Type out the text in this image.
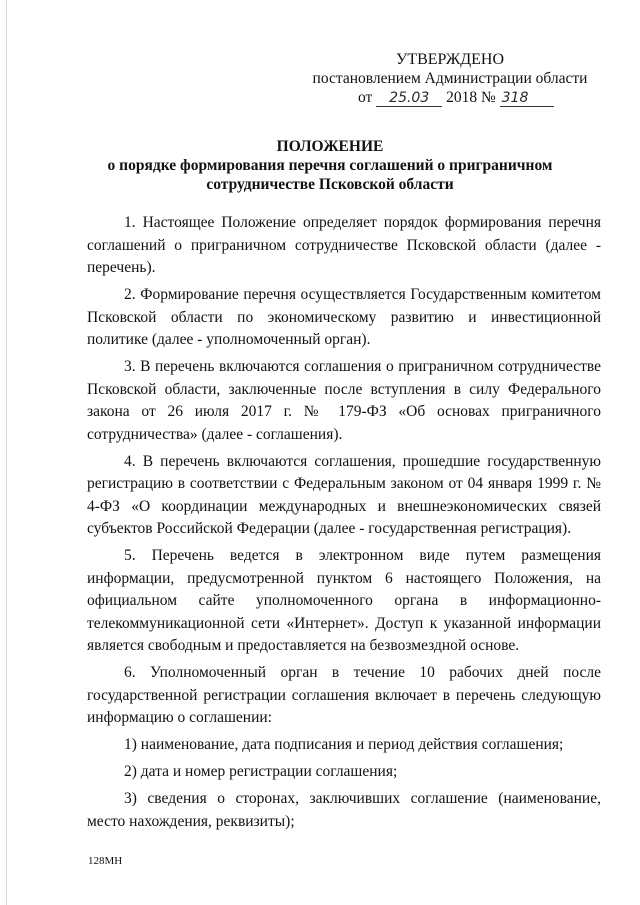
УТВЕРЖДЕНО
постановлением Администрации области
от 25.03 2018 № 318
ПОЛОЖЕНИЕ
о порядке формирования перечня соглашений о приграничном сотрудничестве Псковской области

1. Настоящее Положение определяет порядок формирования перечня соглашений о приграничном сотрудничестве Псковской области (далее - перечень).

2. Формирование перечня осуществляется Государственным комитетом Псковской области по экономическому развитию и инвестиционной политике (далее - уполномоченный орган).

3. В перечень включаются соглашения о приграничном сотрудничестве Псковской области, заключенные после вступления в силу Федерального закона от 26 июля 2017 г. № 179-ФЗ «Об основах приграничного сотрудничества» (далее - соглашения).

4. В перечень включаются соглашения, прошедшие государственную регистрацию в соответствии с Федеральным законом от 04 января 1999 г. № 4-ФЗ «О координации международных и внешнеэкономических связей субъектов Российской Федерации (далее - государственная регистрация).

5. Перечень ведется в электронном виде путем размещения информации, предусмотренной пунктом 6 настоящего Положения, на официальном сайте уполномоченного органа в информационно-телекоммуникационной сети «Интернет». Доступ к указанной информации является свободным и предоставляется на безвозмездной основе.

6. Уполномоченный орган в течение 10 рабочих дней после государственной регистрации соглашения включает в перечень следующую информацию о соглашении:

1) наименование, дата подписания и период действия соглашения;

2) дата и номер регистрации соглашения;

3) сведения о сторонах, заключивших соглашение (наименование, место нахождения, реквизиты);

128МН
